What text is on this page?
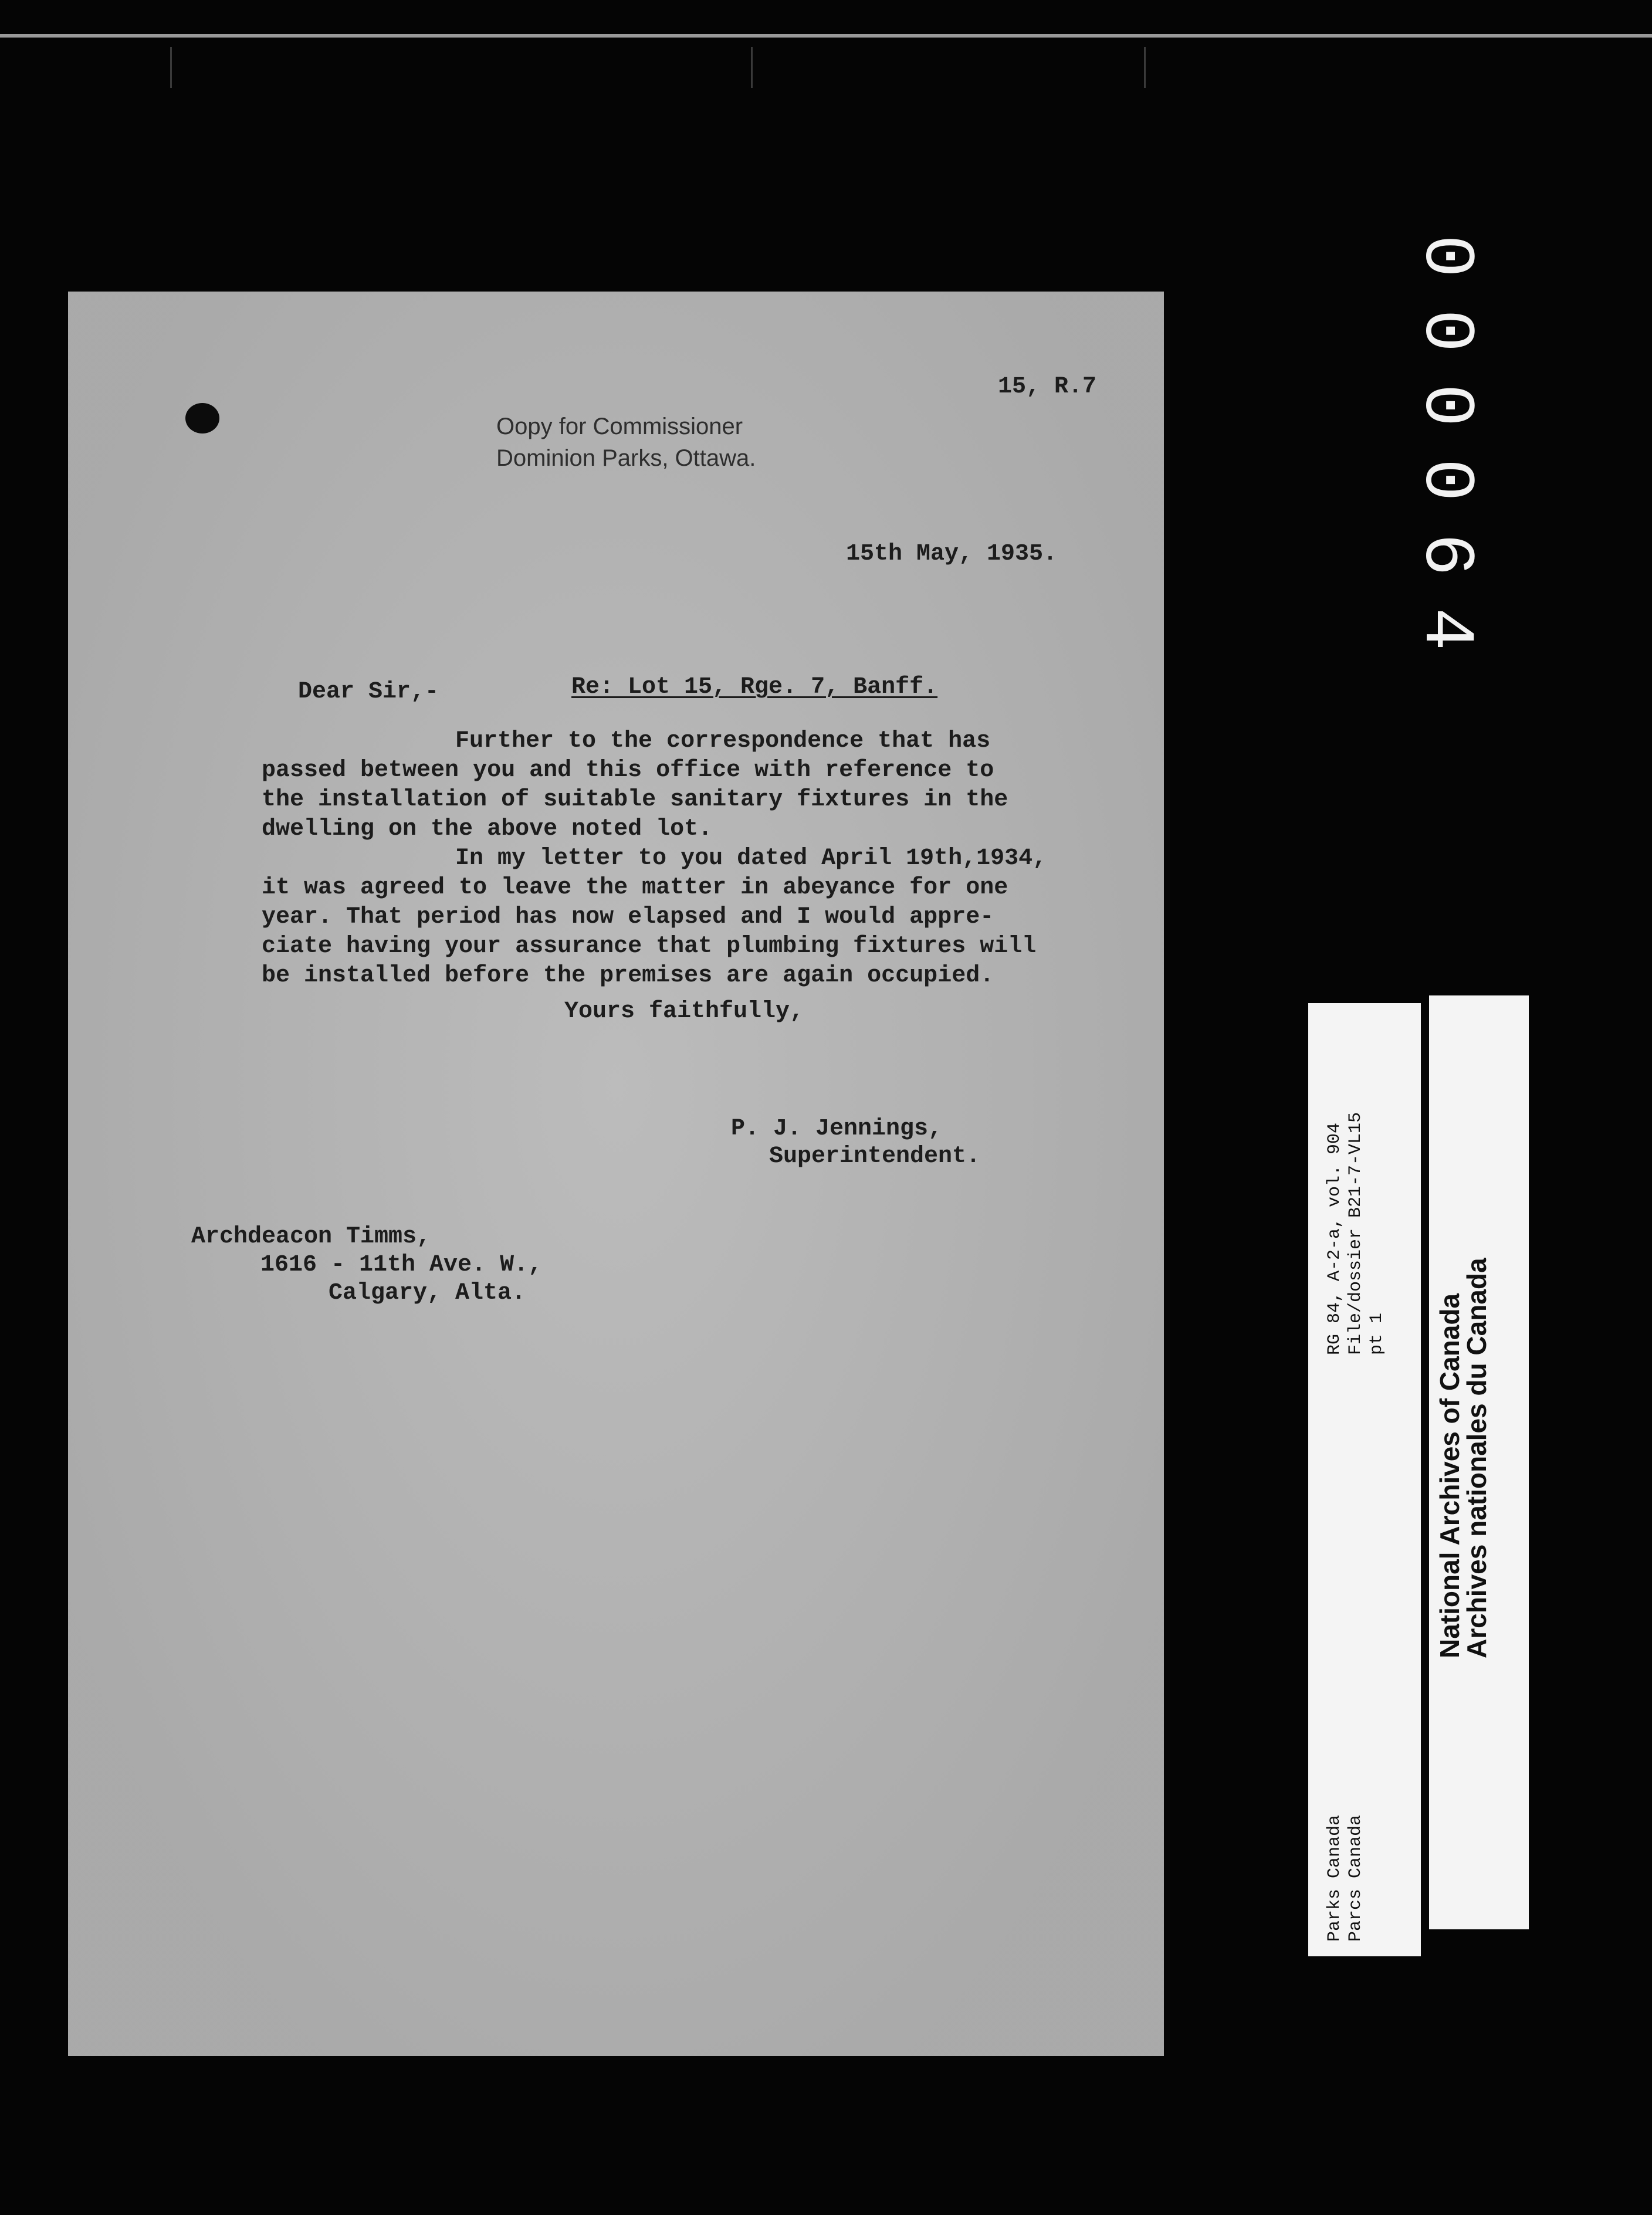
15, R.7
Oopy for Commissioner
Dominion Parks, Ottawa.
15th May, 1935.
Dear Sir,-	Re: Lot 15, Rge. 7, Banff.

Further to the correspondence that has
passed between you and this office with reference to
the installation of suitable sanitary fixtures in the
dwelling on the above noted lot.

In my letter to you dated April 19th,1934,
it was agreed to leave the matter in abeyance for one
year. That period has now elapsed and I would appre-
ciate having your assurance that plumbing fixtures will
be installed before the premises are again occupied.

Yours faithfully,
P. J. Jennings,
Superintendent.
Archdeacon Timms,
1616 - 11th Ave. W.,
Calgary, Alta.
000064
RG 84, A-2-a, vol. 904 File/dossier B21-7-VL15 pt 1
Parks Canada Parcs Canada
National Archives of Canada
Archives nationales du Canada
